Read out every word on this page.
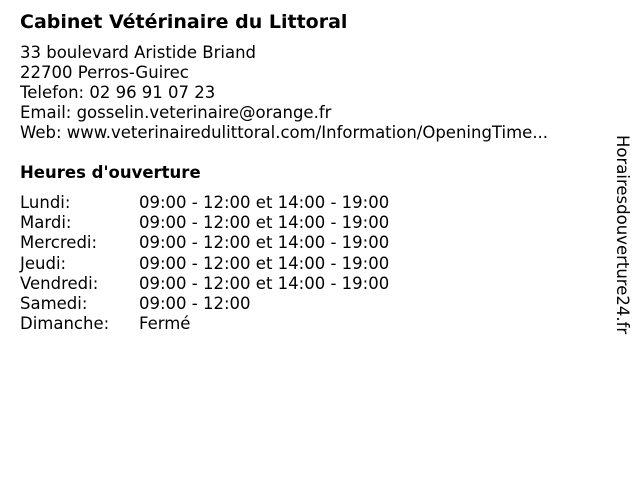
Cabinet Vétérinaire du Littoral
33 boulevard Aristide Briand
22700 Perros-Guirec
Telefon: 02 96 91 07 23
Email: gosselin.veterinaire@orange.fr
Web: www.veterinairedulittoral.com/Information/OpeningTime...
Heures d'ouverture
Lundi:	09:00 - 12:00 et 14:00 - 19:00
Mardi:	09:00 - 12:00 et 14:00 - 19:00
Mercredi:	09:00 - 12:00 et 14:00 - 19:00
Jeudi:	09:00 - 12:00 et 14:00 - 19:00
Vendredi: 09:00 - 12:00 et 14:00 - 19:00
Samedi:	09:00 - 12:00
Dimanche: Fermé	Horairesdouverture24.fr
